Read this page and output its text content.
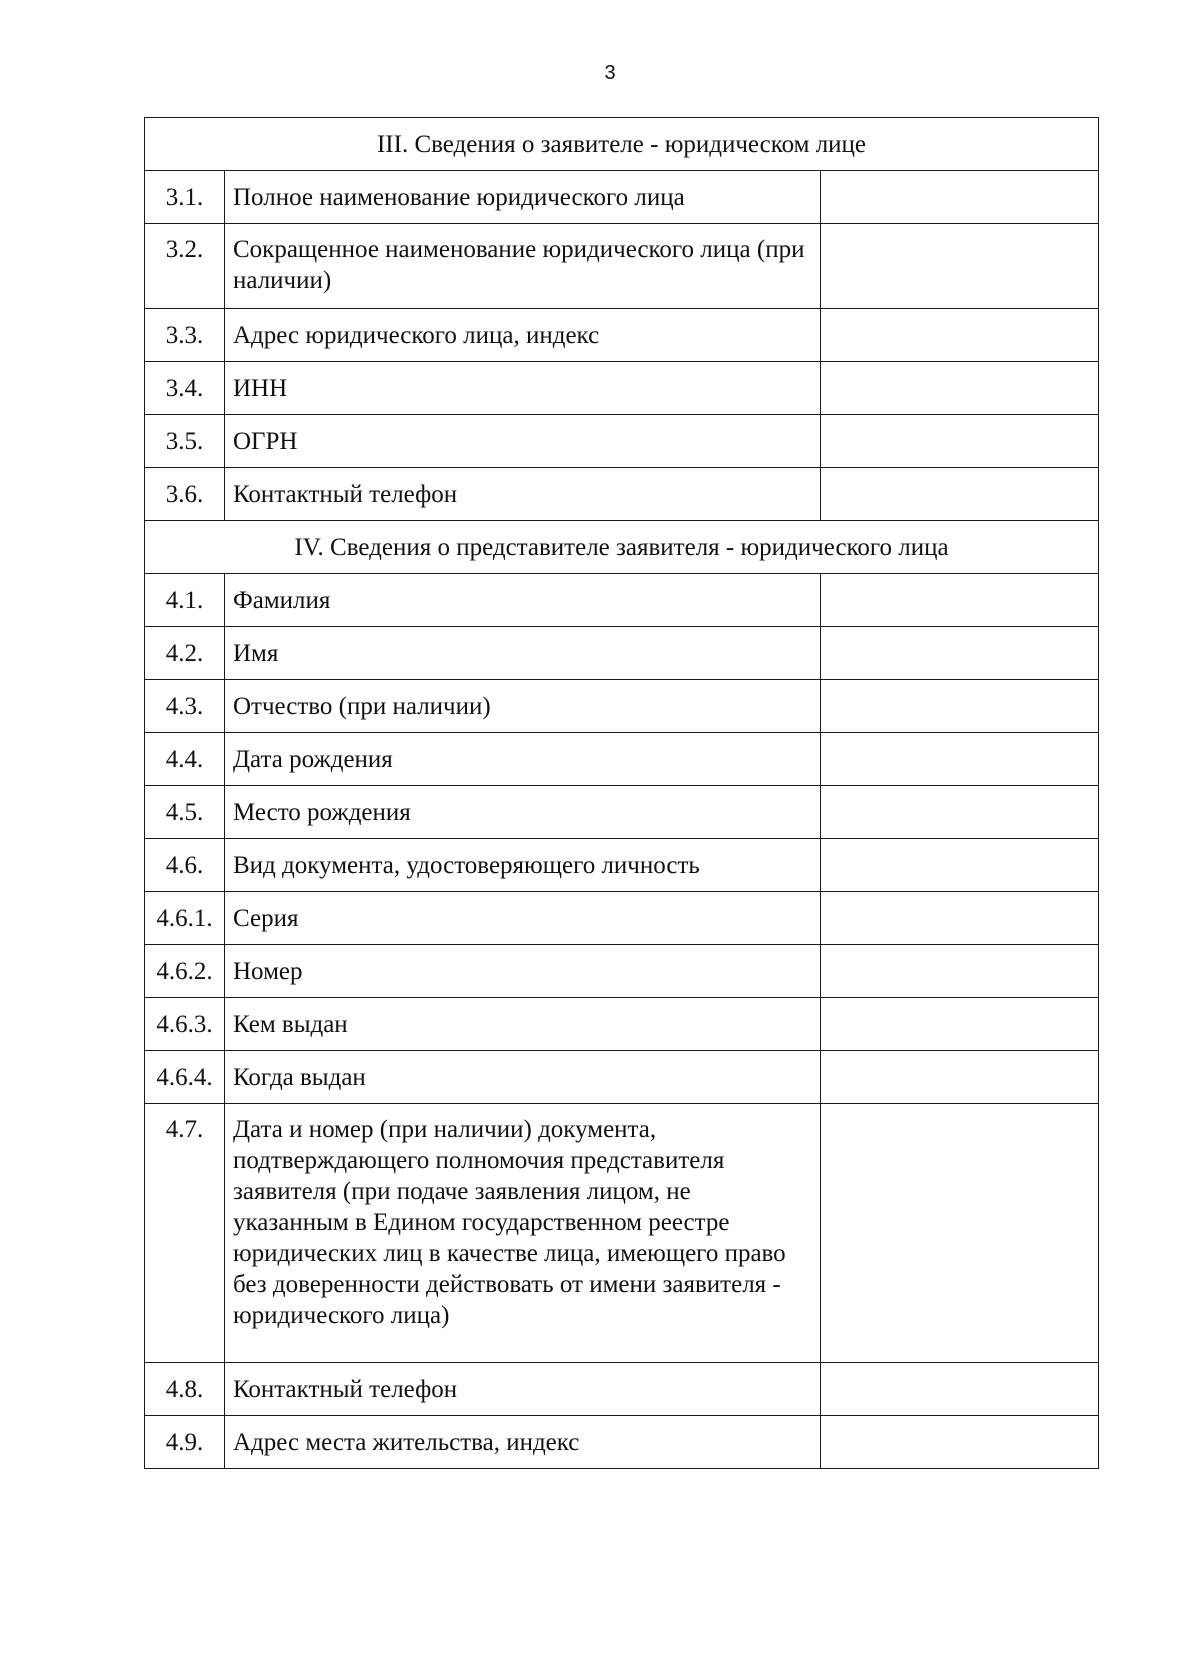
3
III. Сведения о заявителе - юридическом лице		
3.1.	Полное наименование юридического лица	
3.2.	Сокращенное наименование юридического лица (при наличии)	
3.3.	Адрес юридического лица, индекс	
3.4.	ИНН	
3.5.	ОГРН	
3.6.	Контактный телефон	
IV. Сведения о представителе заявителя - юридического лица		
4.1.	Фамилия	
4.2.	Имя	
4.3.	Отчество (при наличии)	
4.4.	Дата рождения	
4.5.	Место рождения	
4.6.	Вид документа, удостоверяющего личность	
4.6.1.	Серия	
4.6.2.	Номер	
4.6.3.	Кем выдан	
4.6.4.	Когда выдан	
4.7.	Дата и номер (при наличии) документа, подтверждающего полномочия представителя заявителя (при подаче заявления лицом, не указанным в Едином государственном реестре юридических лиц в качестве лица, имеющего право без доверенности действовать от имени заявителя - юридического лица)	
4.8.	Контактный телефон	
4.9.	Адрес места жительства, индекс	
